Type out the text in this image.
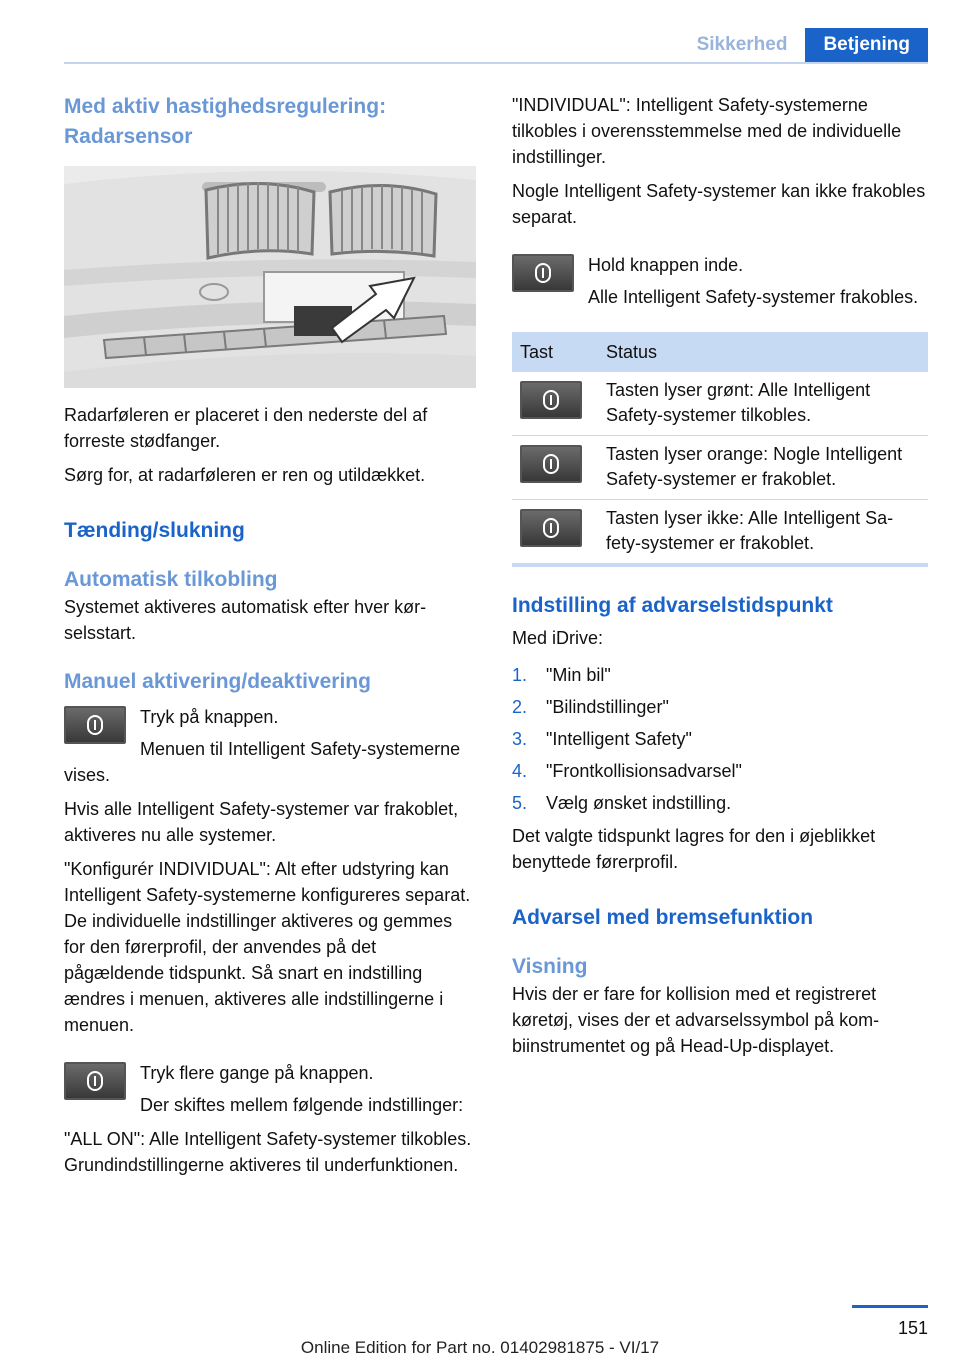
Sikkerhed	Betjening
Med aktiv hastighedsregulering: Radarsensor

Radarføleren er placeret i den nederste del af forreste stødfanger.

Sørg for, at radarføleren er ren og utildækket.

Tænding/slukning
Automatisk tilkobling

Systemet aktiveres automatisk efter hver kørselsstart.

Manuel aktivering/deaktivering

Tryk på knappen.

Menuen til Intelligent Safety-systemerne vises.

Hvis alle Intelligent Safety-systemer var frakoblet, aktiveres nu alle systemer.

"Konfigurér INDIVIDUAL": Alt efter udstyring kan Intelligent Safety-systemerne konfigureres separat. De individuelle indstillinger aktiveres og gemmes for den førerprofil, der anvendes på det pågældende tidspunkt. Så snart en indstilling ændres i menuen, aktiveres alle indstillingerne i menuen.

Tryk flere gange på knappen.

Der skiftes mellem følgende indstillinger:

"ALL ON": Alle Intelligent Safety-systemer tilkobles. Grundindstillingerne aktiveres til underfunktionen.

"INDIVIDUAL": Intelligent Safety-systemerne tilkobles i overensstemmelse med de individuelle indstillinger.

Nogle Intelligent Safety-systemer kan ikke frakobles separat.

Hold knappen inde.

Alle Intelligent Safety-systemer frakobles.

Tast	Status

	Tasten lyser grønt: Alle Intelligent Safety-systemer tilkobles.

	Tasten lyser orange: Nogle Intelligent Safety-systemer er frakoblet.

	Tasten lyser ikke: Alle Intelligent Safety-systemer er frakoblet.
Indstilling af advarselstidspunkt

Med iDrive:

1.	"Min bil"
2.	"Bilindstillinger"
3.	"Intelligent Safety"
4.	"Frontkollisionsadvarsel"
5.	Vælg ønsket indstilling.

Det valgte tidspunkt lagres for den i øjeblikket benyttede førerprofil.

Advarsel med bremsefunktion
Visning

Hvis der er fare for kollision med et registreret køretøj, vises der et advarselssymbol på kombiinstrumentet og på Head-Up-displayet.

151
Online Edition for Part no. 01402981875 - VI/17
